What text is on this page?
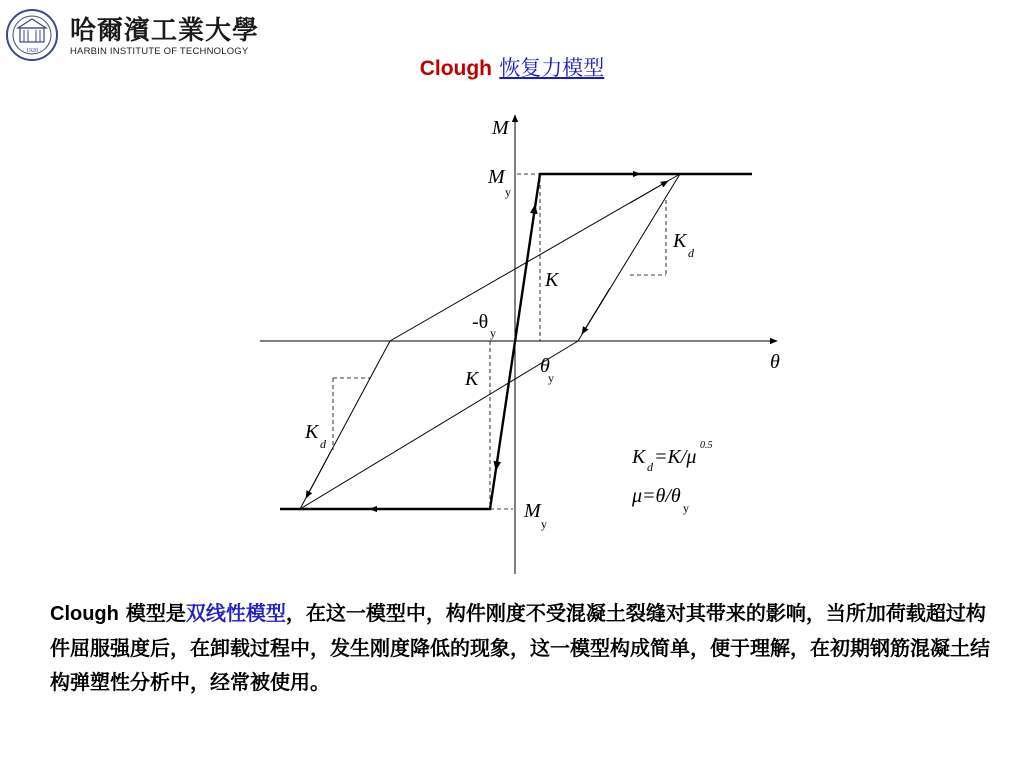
1920
哈爾濱工業大學
HARBIN INSTITUTE OF TECHNOLOGY
Clough 恢复力模型
M
θ
M
y
K
d
K
-θ y
θ
y
K
K
d
M
y
K d =K/μ
0.5
μ=θ/θ
y
Clough 模型是双线性模型，在这一模型中，构件刚度不受混凝土裂缝对其带来的影响，当所加荷载超过构件屈服强度后，在卸载过程中，发生刚度降低的现象，这一模型构成简单，便于理解，在初期钢筋混凝土结构弹塑性分析中，经常被使用。
